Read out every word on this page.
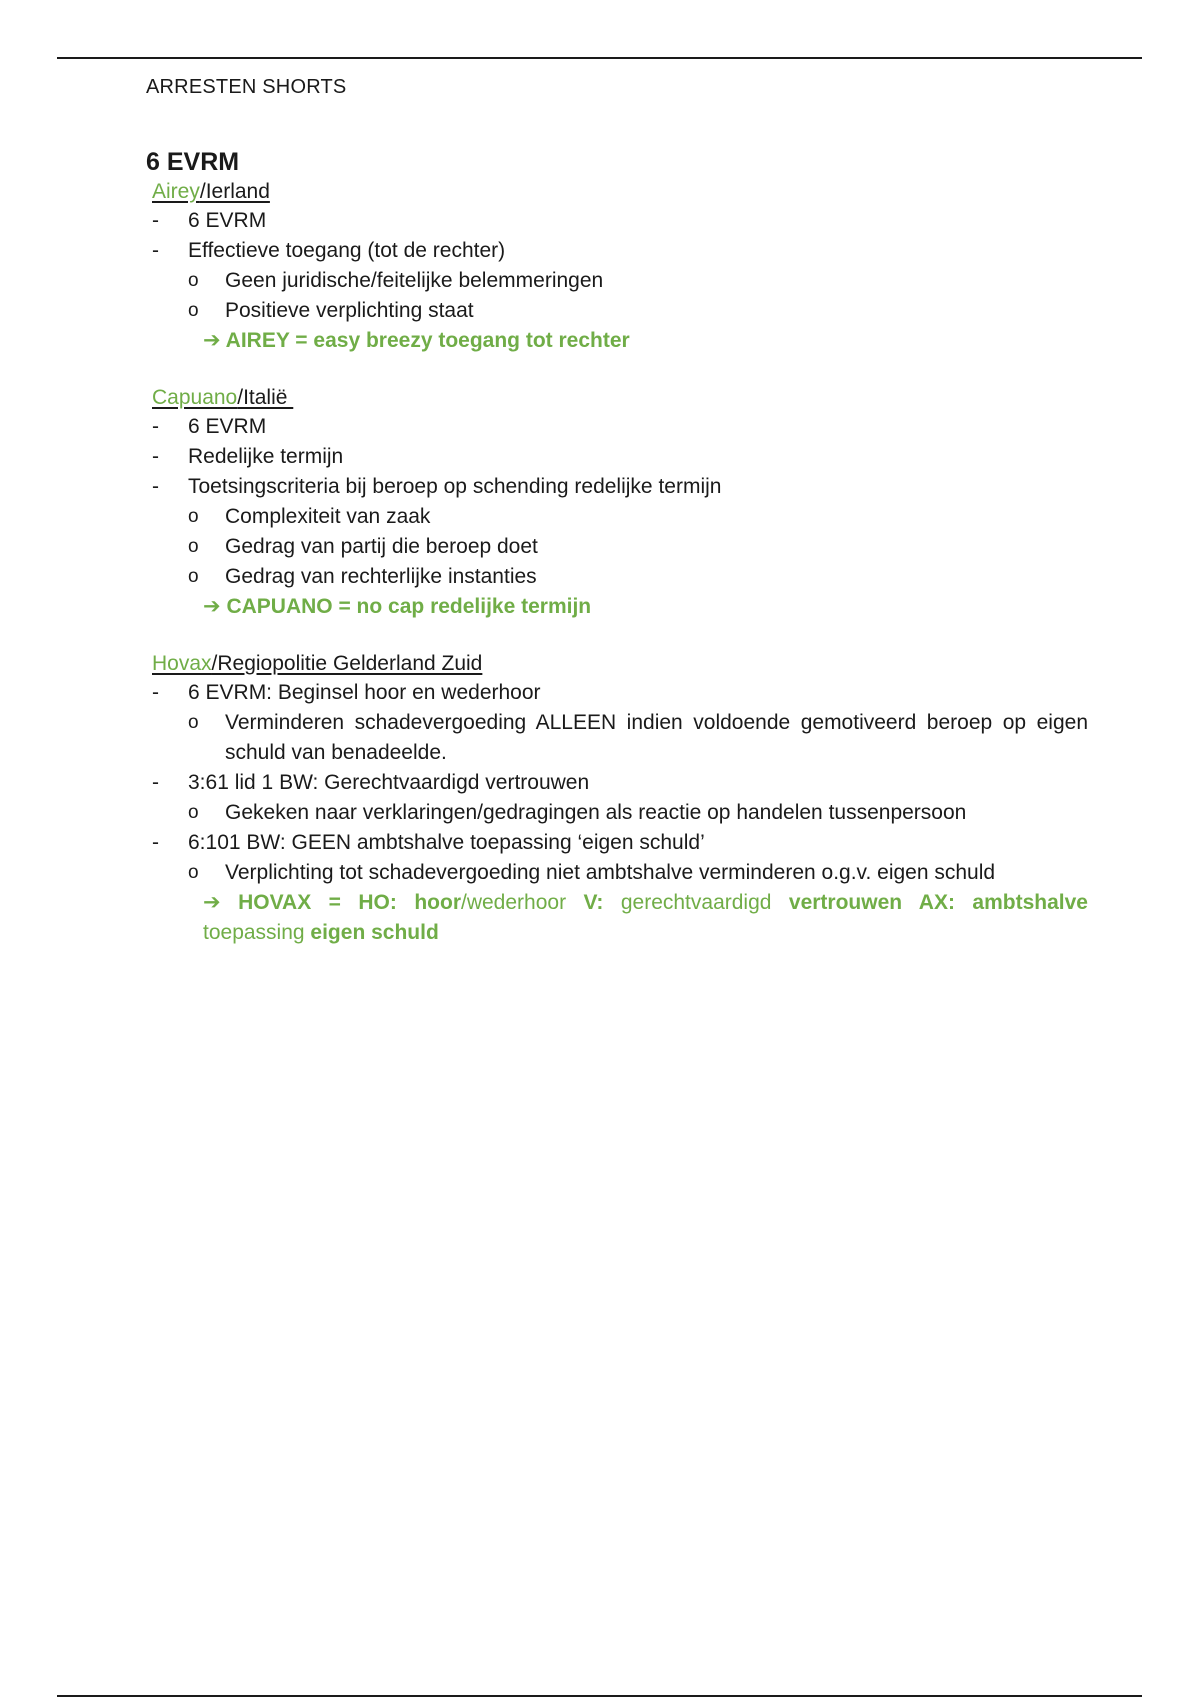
ARRESTEN SHORTS
6 EVRM
Airey/Ierland
- 6 EVRM
- Effectieve toegang (tot de rechter)
o Geen juridische/feitelijke belemmeringen
o Positieve verplichting staat
➔ AIREY = easy breezy toegang tot rechter
Capuano/Italië
- 6 EVRM
- Redelijke termijn
- Toetsingscriteria bij beroep op schending redelijke termijn
o Complexiteit van zaak
o Gedrag van partij die beroep doet
o Gedrag van rechterlijke instanties
➔ CAPUANO = no cap redelijke termijn
Hovax/Regiopolitie Gelderland Zuid
- 6 EVRM: Beginsel hoor en wederhoor
o Verminderen schadevergoeding ALLEEN indien voldoende gemotiveerd beroep op eigen schuld van benadeelde.
- 3:61 lid 1 BW: Gerechtvaardigd vertrouwen
o Gekeken naar verklaringen/gedragingen als reactie op handelen tussenpersoon
- 6:101 BW: GEEN ambtshalve toepassing ‘eigen schuld’
o Verplichting tot schadevergoeding niet ambtshalve verminderen o.g.v. eigen schuld
➔ HOVAX = HO: hoor/wederhoor V: gerechtvaardigd vertrouwen AX: ambtshalve toepassing eigen schuld
